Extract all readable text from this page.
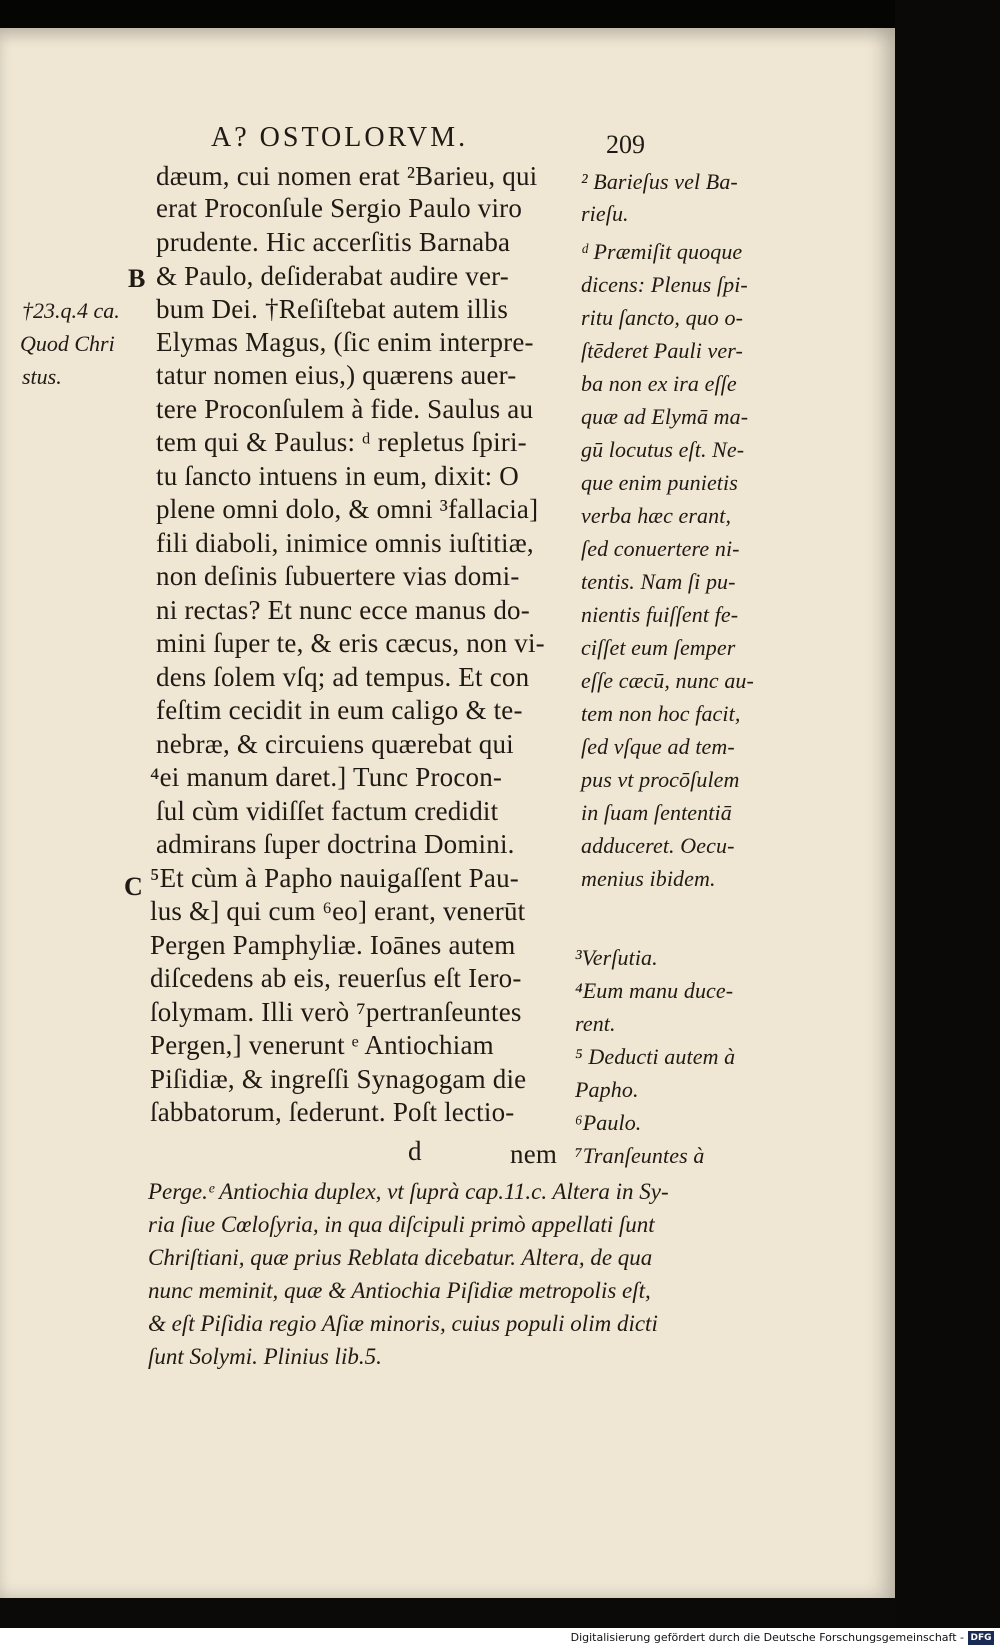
A? OSTOLORVM.	209
B
†23.q.4 ca.
Quod Chri
stus.
C
dæum, cui nomen erat ²Barieu, qui
erat Proconſule Sergio Paulo viro
prudente. Hic accerſitis Barnaba
& Paulo, deſiderabat audire ver-
bum Dei. †Reſiſtebat autem illis
Elymas Magus, (ſic enim interpre-
tatur nomen eius,) quærens auer-
tere Proconſulem à fide. Saulus au
tem qui & Paulus: ᵈ repletus ſpiri-
tu ſancto intuens in eum, dixit: O
plene omni dolo, & omni ³fallacia]
fili diaboli, inimice omnis iuſtitiæ,
non deſinis ſubuertere vias domi-
ni rectas? Et nunc ecce manus do-
mini ſuper te, & eris cæcus, non vi-
dens ſolem vſq; ad tempus. Et con
feſtim cecidit in eum caligo & te-
nebræ, & circuiens quærebat qui
⁴ei manum daret.] Tunc Procon-
ſul cùm vidiſſet factum credidit
admirans ſuper doctrina Domini.
⁵Et cùm à Papho nauigaſſent Pau-
lus &] qui cum ⁶eo] erant, venerūt
Pergen Pamphyliæ. Ioānes autem
diſcedens ab eis, reuerſus eſt Iero-
ſolymam. Illi verò ⁷pertranſeuntes
Pergen,] venerunt ᵉ Antiochiam
Piſidiæ, & ingreſſi Synagogam die
ſabbatorum, ſederunt. Poſt lectio-
² Barieſus vel Ba-
rieſu.
ᵈ Præmiſit quoque
dicens: Plenus ſpi-
ritu ſancto, quo o-
ſtēderet Pauli ver-
ba non ex ira eſſe
quæ ad Elymā ma-
gū locutus eſt. Ne-
que enim punietis
verba hæc erant,
ſed conuertere ni-
tentis. Nam ſi pu-
nientis fuiſſent fe-
ciſſet eum ſemper
eſſe cæcū, nunc au-
tem non hoc facit,
ſed vſque ad tem-
pus vt procōſulem
in ſuam ſententiā
adduceret. Oecu-
menius ibidem.
³Verſutia.
⁴Eum manu duce-
rent.
⁵ Deducti autem à
Papho.
⁶Paulo.
d	nem ⁷Tranſeuntes à
Perge.ᵉ Antiochia duplex, vt ſuprà cap.11.c. Altera in Sy-
ria ſiue Cœloſyria, in qua diſcipuli primò appellati ſunt
Chriſtiani, quæ prius Reblata dicebatur. Altera, de qua
nunc meminit, quæ & Antiochia Piſidiæ metropolis eſt,
& eſt Piſidia regio Aſiæ minoris, cuius populi olim dicti
ſunt Solymi. Plinius lib.5.
Digitalisierung gefördert durch die Deutsche Forschungsgemeinschaft - DFG
